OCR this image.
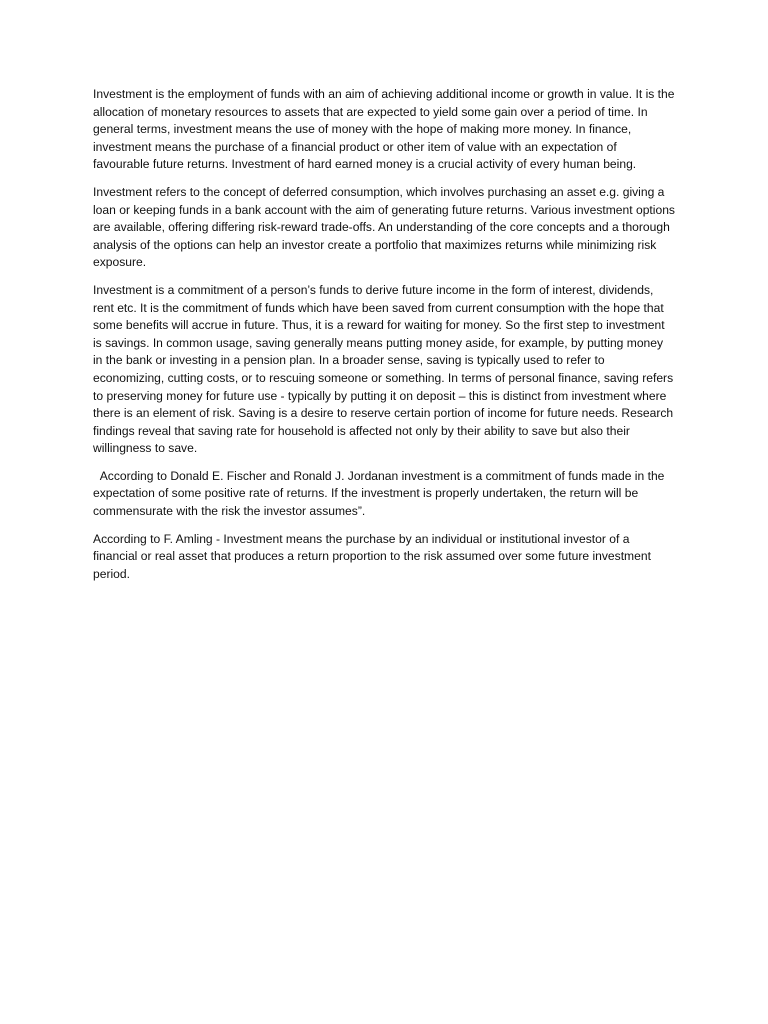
Investment is the employment of funds with an aim of achieving additional income or growth in value. It is the allocation of monetary resources to assets that are expected to yield some gain over a period of time. In general terms, investment means the use of money with the hope of making more money. In finance, investment means the purchase of a financial product or other item of value with an expectation of favourable future returns. Investment of hard earned money is a crucial activity of every human being.

Investment refers to the concept of deferred consumption, which involves purchasing an asset e.g. giving a loan or keeping funds in a bank account with the aim of generating future returns. Various investment options are available, offering differing risk-reward trade-offs. An understanding of the core concepts and a thorough analysis of the options can help an investor create a portfolio that maximizes returns while minimizing risk exposure.

Investment is a commitment of a person’s funds to derive future income in the form of interest, dividends, rent etc. It is the commitment of funds which have been saved from current consumption with the hope that some benefits will accrue in future. Thus, it is a reward for waiting for money. So the first step to investment is savings. In common usage, saving generally means putting money aside, for example, by putting money in the bank or investing in a pension plan. In a broader sense, saving is typically used to refer to economizing, cutting costs, or to rescuing someone or something. In terms of personal finance, saving refers to preserving money for future use - typically by putting it on deposit – this is distinct from investment where there is an element of risk. Saving is a desire to reserve certain portion of income for future needs. Research findings reveal that saving rate for household is affected not only by their ability to save but also their willingness to save.

According to Donald E. Fischer and Ronald J. Jordanan investment is a commitment of funds made in the expectation of some positive rate of returns. If the investment is properly undertaken, the return will be commensurate with the risk the investor assumes”.

According to F. Amling - Investment means the purchase by an individual or institutional investor of a financial or real asset that produces a return proportion to the risk assumed over some future investment period.
